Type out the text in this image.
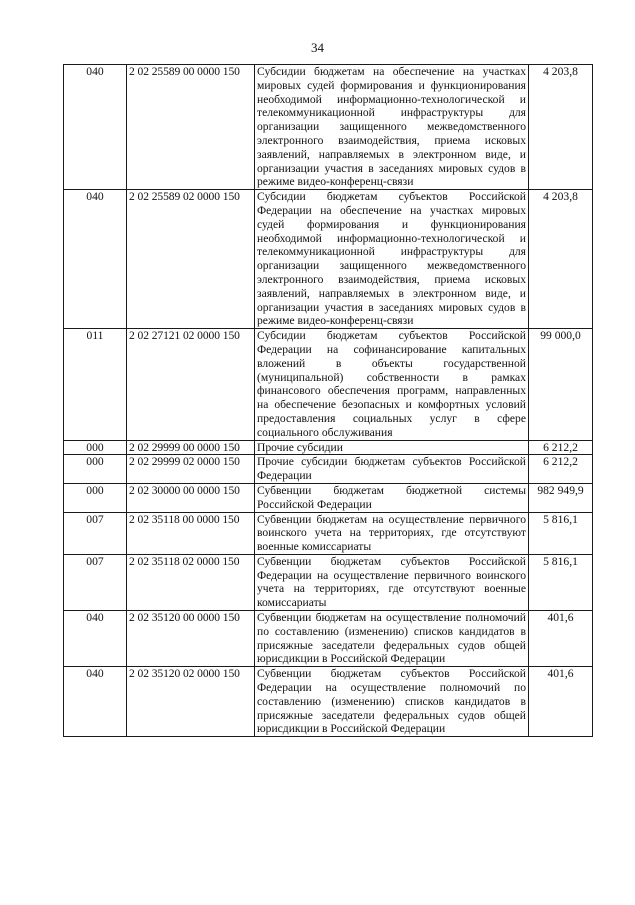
34
040	2 02 25589 00 0000 150	Субсидии бюджетам на обеспечение на участках мировых судей формирования и функционирования необходимой информационно-технологической и телекоммуникационной инфраструктуры для организации защищенного межведомственного электронного взаимодействия, приема исковых заявлений, направляемых в электронном виде, и организации участия в заседаниях мировых судов в режиме видео-конференц-связи	4 203,8
040	2 02 25589 02 0000 150	Субсидии бюджетам субъектов Российской Федерации на обеспечение на участках мировых судей формирования и функционирования необходимой информационно-технологической и телекоммуникационной инфраструктуры для организации защищенного межведомственного электронного взаимодействия, приема исковых заявлений, направляемых в электронном виде, и организации участия в заседаниях мировых судов в режиме видео-конференц-связи	4 203,8
011	2 02 27121 02 0000 150	Субсидии бюджетам субъектов Российской Федерации на софинансирование капитальных вложений в объекты государственной (муниципальной) собственности в рамках финансового обеспечения программ, направленных на обеспечение безопасных и комфортных условий предоставления социальных услуг в сфере социального обслуживания	99 000,0
000	2 02 29999 00 0000 150	Прочие субсидии	6 212,2
000	2 02 29999 02 0000 150	Прочие субсидии бюджетам субъектов Российской Федерации	6 212,2
000	2 02 30000 00 0000 150	Субвенции бюджетам бюджетной системы Российской Федерации	982 949,9
007	2 02 35118 00 0000 150	Субвенции бюджетам на осуществление первичного воинского учета на территориях, где отсутствуют военные комиссариаты	5 816,1
007	2 02 35118 02 0000 150	Субвенции бюджетам субъектов Российской Федерации на осуществление первичного воинского учета на территориях, где отсутствуют военные комиссариаты	5 816,1
040	2 02 35120 00 0000 150	Субвенции бюджетам на осуществление полномочий по составлению (изменению) списков кандидатов в присяжные заседатели федеральных судов общей юрисдикции в Российской Федерации	401,6
040	2 02 35120 02 0000 150	Субвенции бюджетам субъектов Российской Федерации на осуществление полномочий по составлению (изменению) списков кандидатов в присяжные заседатели федеральных судов общей юрисдикции в Российской Федерации	401,6
